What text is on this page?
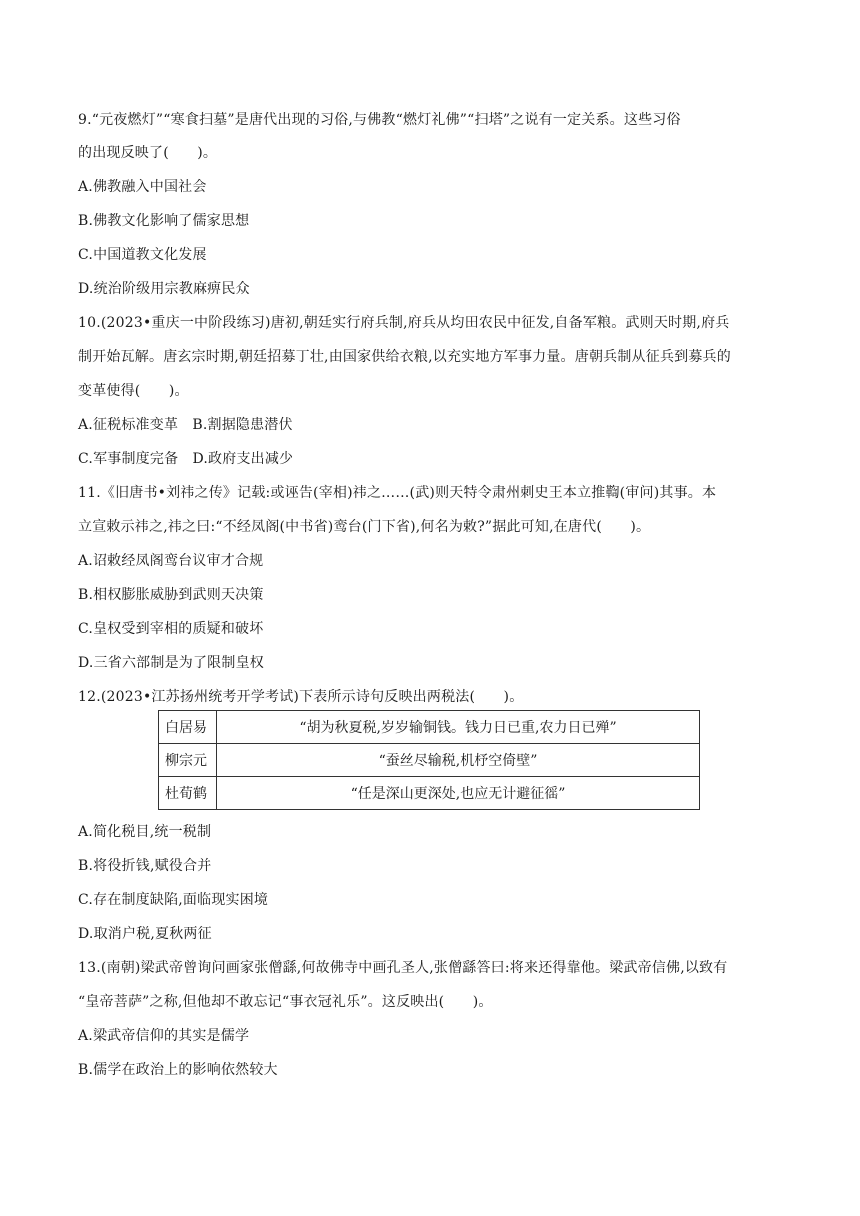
9.“元夜燃灯”“寒食扫墓”是唐代出现的习俗,与佛教“燃灯礼佛”“扫塔”之说有一定关系。这些习俗
的出现反映了(　　)。
A.佛教融入中国社会
B.佛教文化影响了儒家思想
C.中国道教文化发展
D.统治阶级用宗教麻痹民众
10.(2023•重庆一中阶段练习)唐初,朝廷实行府兵制,府兵从均田农民中征发,自备军粮。武则天时期,府兵
制开始瓦解。唐玄宗时期,朝廷招募丁壮,由国家供给衣粮,以充实地方军事力量。唐朝兵制从征兵到募兵的
变革使得(　　)。
A.征税标准变革　B.割据隐患潜伏
C.军事制度完备　D.政府支出减少
11.《旧唐书•刘祎之传》记载:或诬告(宰相)祎之……(武)则天特令肃州刺史王本立推鞫(审问)其事。本
立宣敕示祎之,祎之曰:“不经凤阁(中书省)鸾台(门下省),何名为敕?”据此可知,在唐代(　　)。
A.诏敕经凤阁鸾台议审才合规
B.相权膨胀威胁到武则天决策
C.皇权受到宰相的质疑和破坏
D.三省六部制是为了限制皇权
12.(2023•江苏扬州统考开学考试)下表所示诗句反映出两税法(　　)。
白居易	“胡为秋夏税,岁岁输铜钱。钱力日已重,农力日已殚”
柳宗元	“蚕丝尽输税,机杼空倚壁”
杜荀鹤	“任是深山更深处,也应无计避征徭”
A.简化税目,统一税制
B.将役折钱,赋役合并
C.存在制度缺陷,面临现实困境
D.取消户税,夏秋两征
13.(南朝)梁武帝曾询问画家张僧繇,何故佛寺中画孔圣人,张僧繇答曰:将来还得靠他。梁武帝信佛,以致有
“皇帝菩萨”之称,但他却不敢忘记“事衣冠礼乐”。这反映出(　　)。
A.梁武帝信仰的其实是儒学
B.儒学在政治上的影响依然较大
